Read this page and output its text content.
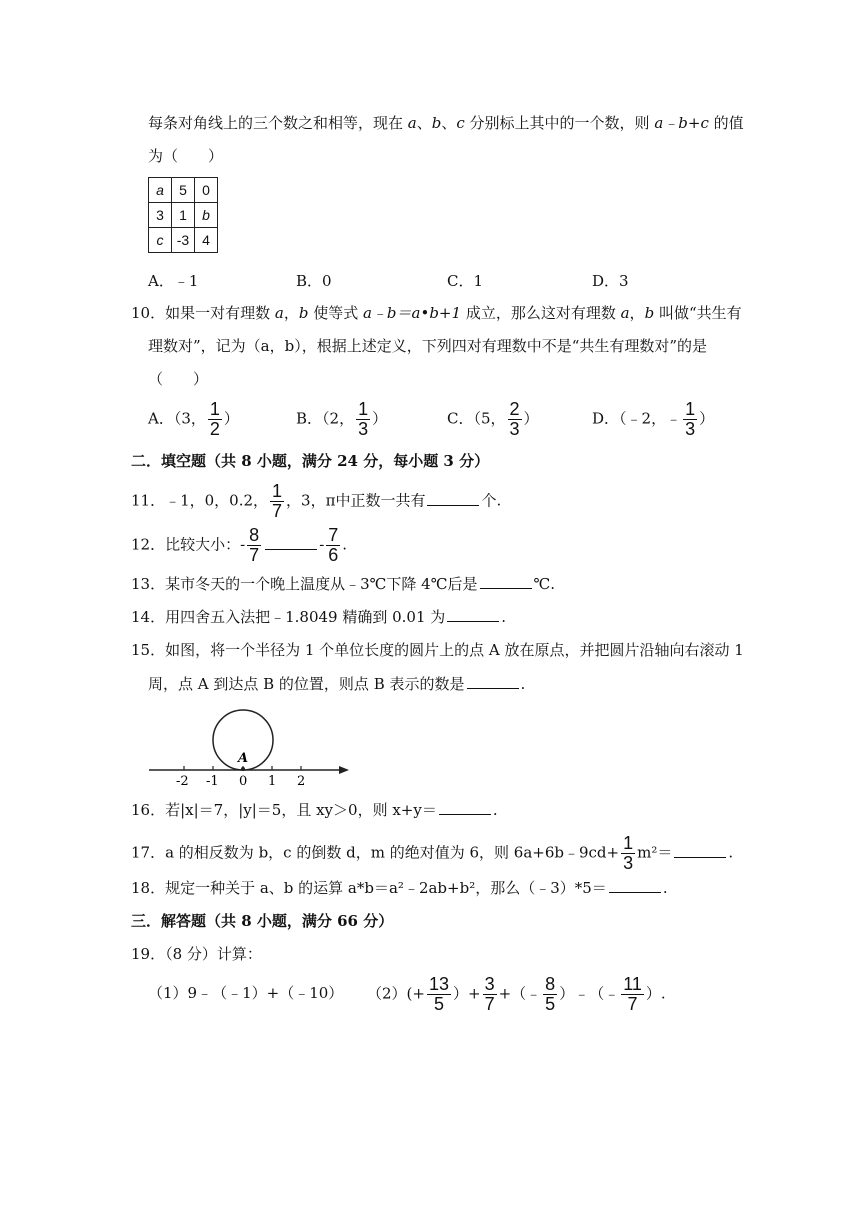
每条对角线上的三个数之和相等，现在 a、b、c 分别标上其中的一个数，则 a﹣b+c 的值
为（　　）
a	5	0
3	1	b
c	-3	4
A．﹣1	B．0	C．1	D．3
10．如果一对有理数 a，b 使等式 a﹣b＝a•b+1 成立，那么这对有理数 a，b 叫做“共生有
理数对”，记为（a，b），根据上述定义，下列四对有理数中不是“共生有理数对”的是
（　　）
A．（3， $\frac{1}{2}$ ）	B．（2， $\frac{1}{3}$ ）	C．（5， $\frac{2}{3}$ ）	D．（﹣2，﹣ $\frac{1}{3}$ ）
二．填空题（共 8 小题，满分 24 分，每小题 3 分）
11．﹣1，0，0.2， $\frac{1}{7}$ ，3，π中正数一共有	个.
12．比较大小：- $\frac{8}{7}$	- $\frac{7}{6}$ .
13．某市冬天的一个晚上温度从﹣3℃下降 4℃后是	℃.
14．用四舍五入法把﹣1.8049 精确到 0.01 为	.
15．如图，将一个半径为 1 个单位长度的圆片上的点 A 放在原点，并把圆片沿轴向右滚动 1
周，点 A 到达点 B 的位置，则点 B 表示的数是	.
A
-2 -1 0 1 2
16．若|x|＝7，|y|＝5，且 xy＞0，则 x+y＝	.
17．a 的相反数为 b，c 的倒数 d，m 的绝对值为 6，则 6a+6b﹣9cd+ $\frac{1}{3} m^2=$	.
18．规定一种关于 a、b 的运算 a*b＝a²﹣2ab+b²，那么（﹣3）*5＝	.
三．解答题（共 8 小题，满分 66 分）
19．（8 分）计算：
（1）9﹣（﹣1）+（﹣10） $(2)(+ \frac{13}{5}$ ）+ $\frac{3}{7}$ +（﹣ $\frac{8}{5}$ ）﹣（﹣ $\frac{11}{7}$ ）.
